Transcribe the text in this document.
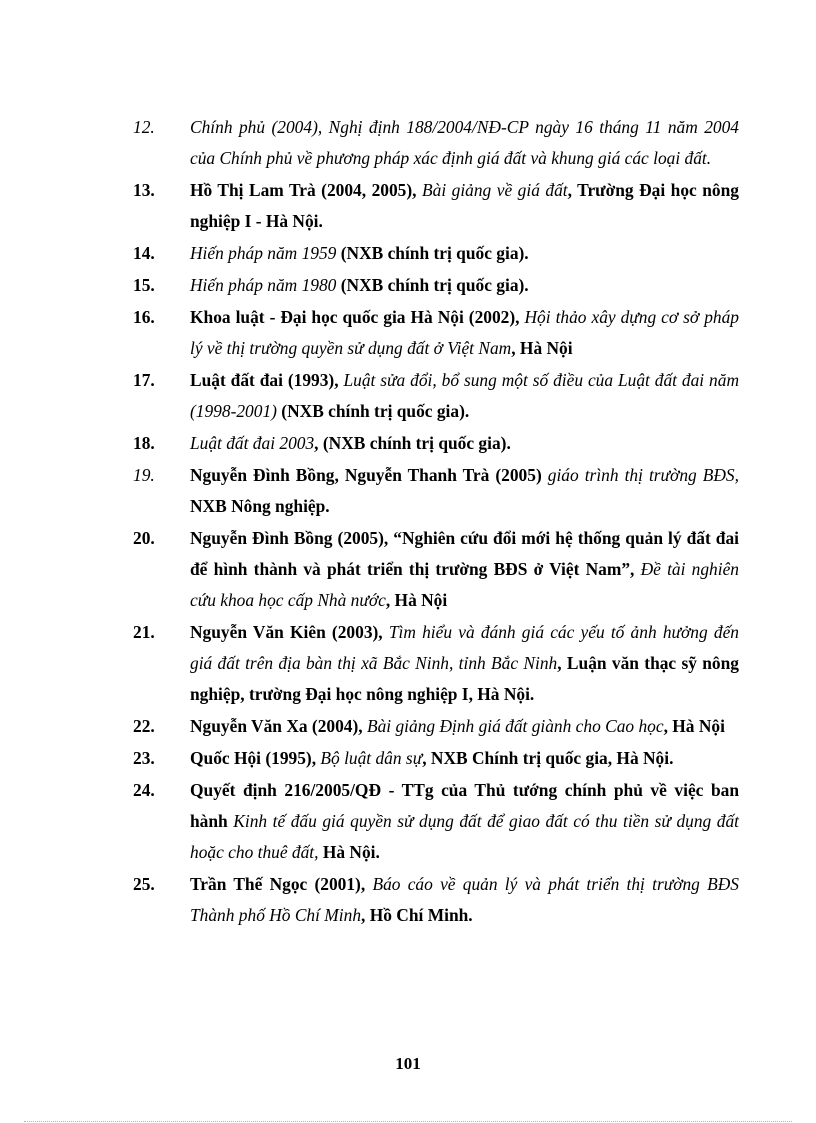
12.	Chính phủ (2004), Nghị định 188/2004/NĐ-CP ngày 16 tháng 11 năm 2004 của Chính phủ về phương pháp xác định giá đất và khung giá các loại đất.
13.	Hồ Thị Lam Trà (2004, 2005), Bài giảng về giá đất, Trường Đại học nông nghiệp I - Hà Nội.
14.	Hiến pháp năm 1959 (NXB chính trị quốc gia).
15.	Hiến pháp năm 1980 (NXB chính trị quốc gia).
16.	Khoa luật - Đại học quốc gia Hà Nội (2002), Hội thảo xây dựng cơ sở pháp lý về thị trường quyền sử dụng đất ở Việt Nam, Hà Nội
17.	Luật đất đai (1993), Luật sửa đổi, bổ sung một số điều của Luật đất đai năm (1998-2001) (NXB chính trị quốc gia).
18.	Luật đất đai 2003, (NXB chính trị quốc gia).
19.	Nguyễn Đình Bồng, Nguyễn Thanh Trà (2005) giáo trình thị trường BĐS, NXB Nông nghiệp.
20.	Nguyễn Đình Bồng (2005), “Nghiên cứu đổi mới hệ thống quản lý đất đai để hình thành và phát triển thị trường BĐS ở Việt Nam”, Đề tài nghiên cứu khoa học cấp Nhà nước, Hà Nội
21.	Nguyễn Văn Kiên (2003), Tìm hiểu và đánh giá các yếu tố ảnh hưởng đến giá đất trên địa bàn thị xã Bắc Ninh, tỉnh Bắc Ninh, Luận văn thạc sỹ nông nghiệp, trường Đại học nông nghiệp I, Hà Nội.
22.	Nguyễn Văn Xa (2004), Bài giảng Định giá đất giành cho Cao học, Hà Nội
23.	Quốc Hội (1995), Bộ luật dân sự, NXB Chính trị quốc gia, Hà Nội.
24.	Quyết định 216/2005/QĐ - TTg của Thủ tướng chính phủ về việc ban hành Kinh tế đấu giá quyền sử dụng đất để giao đất có thu tiền sử dụng đất hoặc cho thuê đất, Hà Nội.
25.	Trần Thế Ngọc (2001), Báo cáo về quản lý và phát triển thị trường BĐS Thành phố Hồ Chí Minh, Hồ Chí Minh.
101
